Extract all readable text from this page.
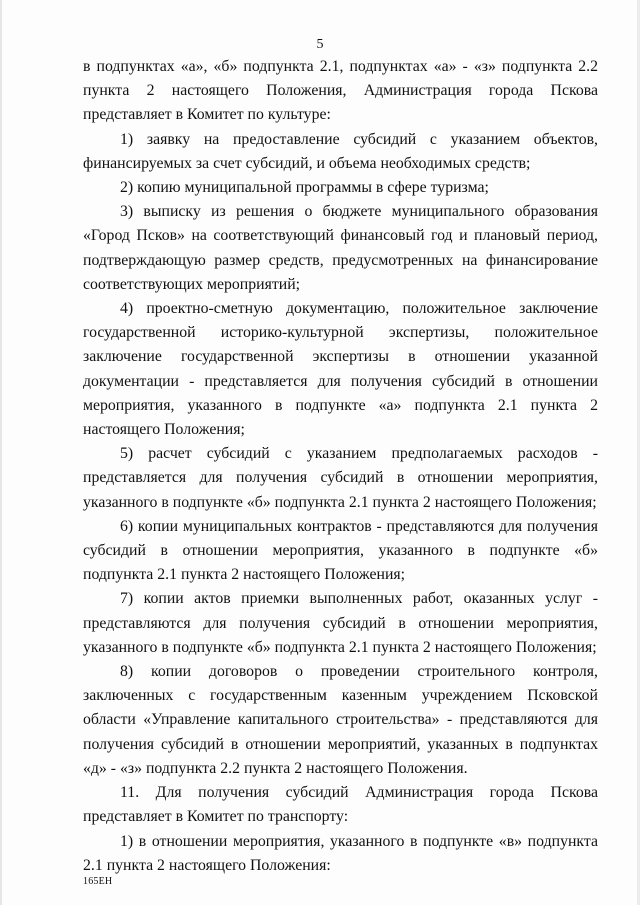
5

в подпунктах «а», «б» подпункта 2.1, подпунктах «а» - «з» подпункта 2.2 пункта 2 настоящего Положения, Администрация города Пскова представляет в Комитет по культуре:

1) заявку на предоставление субсидий с указанием объектов, финансируемых за счет субсидий, и объема необходимых средств;

2) копию муниципальной программы в сфере туризма;

3) выписку из решения о бюджете муниципального образования «Город Псков» на соответствующий финансовый год и плановый период, подтверждающую размер средств, предусмотренных на финансирование соответствующих мероприятий;

4) проектно-сметную документацию, положительное заключение государственной историко-культурной экспертизы, положительное заключение государственной экспертизы в отношении указанной документации - представляется для получения субсидий в отношении мероприятия, указанного в подпункте «а» подпункта 2.1 пункта 2 настоящего Положения;

5) расчет субсидий с указанием предполагаемых расходов - представляется для получения субсидий в отношении мероприятия, указанного в подпункте «б» подпункта 2.1 пункта 2 настоящего Положения;

6) копии муниципальных контрактов - представляются для получения субсидий в отношении мероприятия, указанного в подпункте «б» подпункта 2.1 пункта 2 настоящего Положения;

7) копии актов приемки выполненных работ, оказанных услуг - представляются для получения субсидий в отношении мероприятия, указанного в подпункте «б» подпункта 2.1 пункта 2 настоящего Положения;

8) копии договоров о проведении строительного контроля, заключенных с государственным казенным учреждением Псковской области «Управление капитального строительства» - представляются для получения субсидий в отношении мероприятий, указанных в подпунктах «д» - «з» подпункта 2.2 пункта 2 настоящего Положения.

11. Для получения субсидий Администрация города Пскова представляет в Комитет по транспорту:

1) в отношении мероприятия, указанного в подпункте «в» подпункта 2.1 пункта 2 настоящего Положения:

165ЕН
